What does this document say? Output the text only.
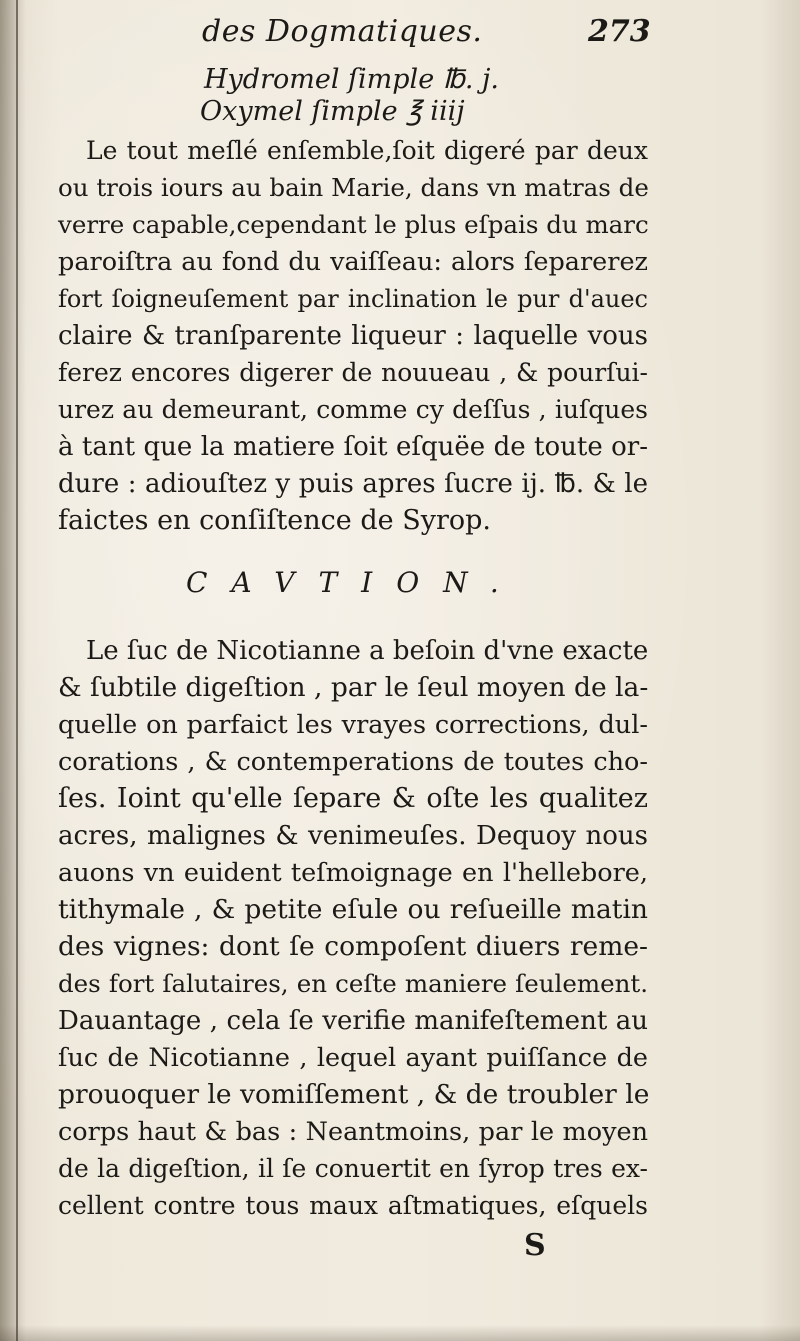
des Dogmatiques.	273
Hydromel ſimple ℔. j.
Oxymel ſimple ℥ iiij
Le tout meſlé enſemble,ſoit digeré par deux
ou trois iours au bain Marie, dans vn matras de
verre capable,cependant le plus eſpais du marc
paroiſtra au fond du vaiſſeau: alors ſeparerez
fort ſoigneuſement par inclination le pur d'auec
claire & tranſparente liqueur : laquelle vous
ferez encores digerer de nouueau , & pourſui-
urez au demeurant, comme cy deſſus , iuſques
à tant que la matiere ſoit eſquëe de toute or-
dure : adiouſtez y puis apres ſucre ij. ℔. & le
faictes en conſiſtence de Syrop.
CAVTION.
Le ſuc de Nicotianne a beſoin d'vne exacte
& ſubtile digeſtion , par le ſeul moyen de la-
quelle on parfaict les vrayes corrections, dul-
corations , & contemperations de toutes cho-
ſes. Ioint qu'elle ſepare & oſte les qualitez
acres, malignes & venimeuſes. Dequoy nous
auons vn euident teſmoignage en l'hellebore,
tithymale , & petite eſule ou reſueille matin
des vignes: dont ſe compoſent diuers reme-
des fort ſalutaires, en ceſte maniere ſeulement.
Dauantage , cela ſe verifie manifeſtement au
ſuc de Nicotianne , lequel ayant puiſſance de
prouoquer le vomiſſement , & de troubler le
corps haut & bas : Neantmoins, par le moyen
de la digeſtion, il ſe conuertit en ſyrop tres ex-
cellent contre tous maux aſtmatiques, eſquels
S
